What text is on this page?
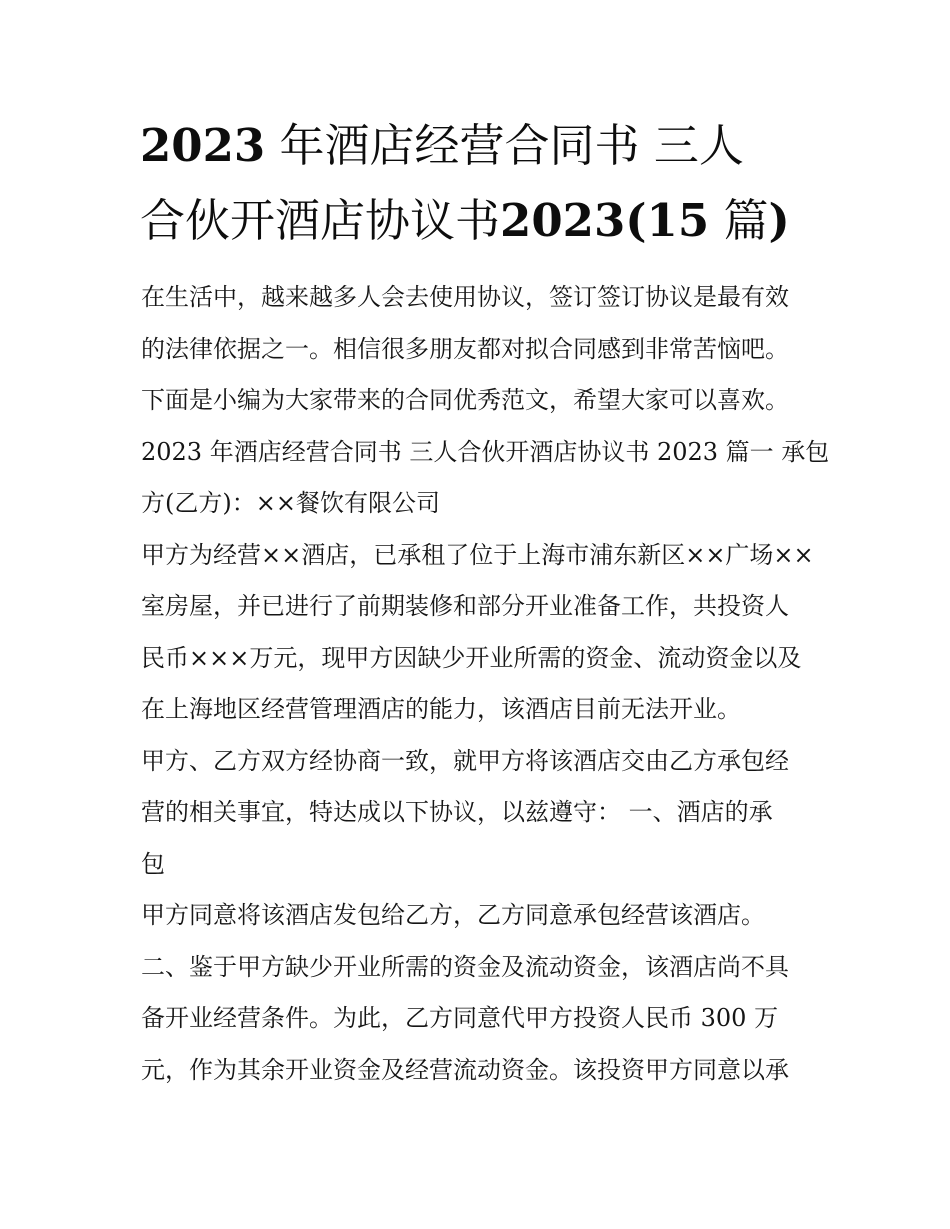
2023 年酒店经营合同书 三人
合伙开酒店协议书2023(15 篇)
在生活中，越来越多人会去使用协议，签订签订协议是最有效
的法律依据之一。相信很多朋友都对拟合同感到非常苦恼吧。
下面是小编为大家带来的合同优秀范文，希望大家可以喜欢。
2023 年酒店经营合同书 三人合伙开酒店协议书 2023 篇一 承包
方(乙方)：××餐饮有限公司
甲方为经营××酒店，已承租了位于上海市浦东新区××广场××
室房屋，并已进行了前期装修和部分开业准备工作，共投资人
民币×××万元，现甲方因缺少开业所需的资金、流动资金以及
在上海地区经营管理酒店的能力，该酒店目前无法开业。
甲方、乙方双方经协商一致，就甲方将该酒店交由乙方承包经
营的相关事宜，特达成以下协议，以兹遵守： 一、酒店的承
包
甲方同意将该酒店发包给乙方，乙方同意承包经营该酒店。
二、鉴于甲方缺少开业所需的资金及流动资金，该酒店尚不具
备开业经营条件。为此，乙方同意代甲方投资人民币 300 万
元，作为其余开业资金及经营流动资金。该投资甲方同意以承
